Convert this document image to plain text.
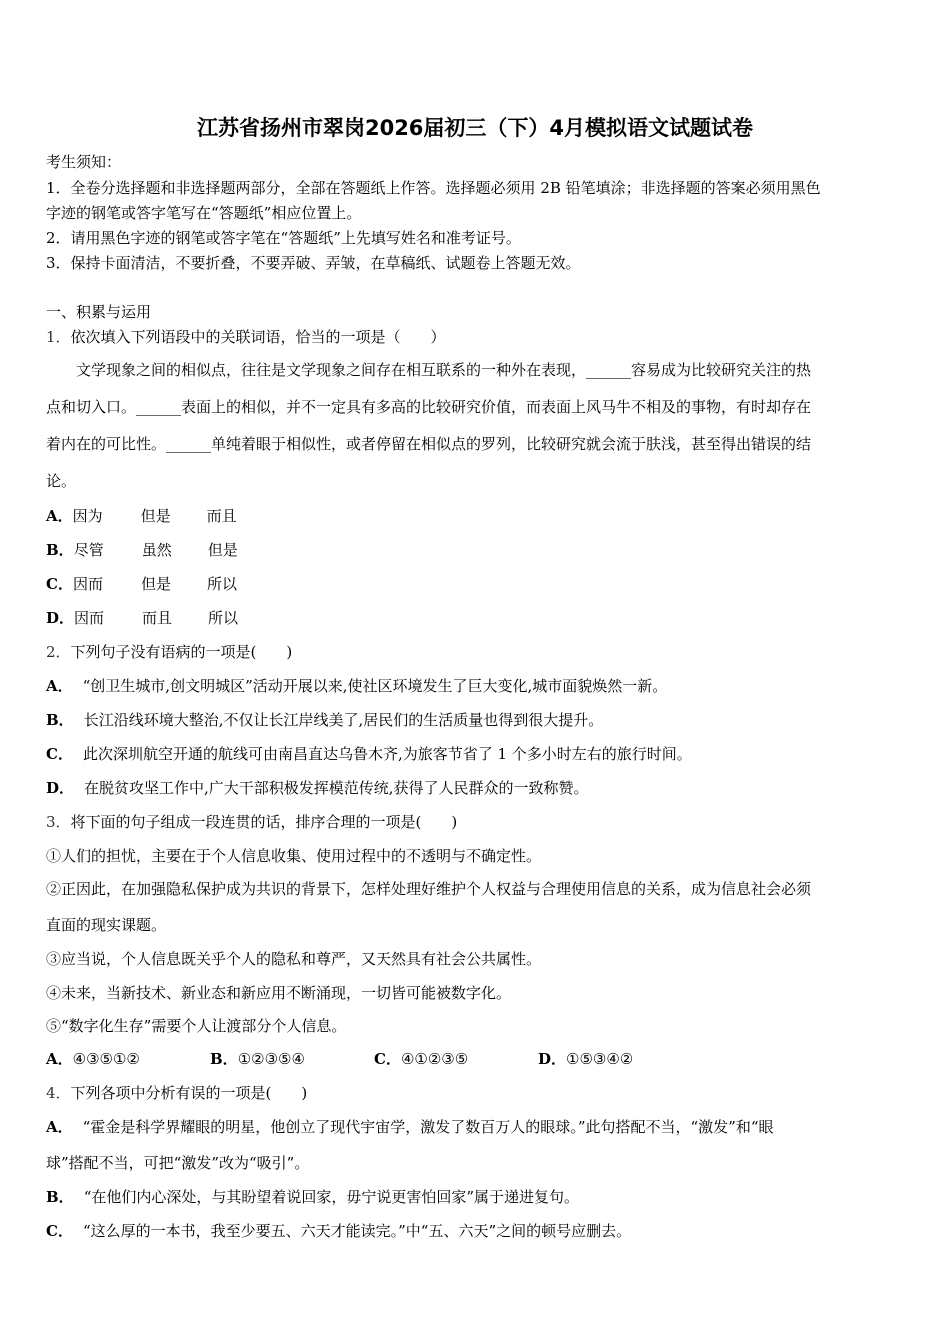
江苏省扬州市翠岗2026届初三（下）4月模拟语文试题试卷
考生须知：
1．全卷分选择题和非选择题两部分，全部在答题纸上作答。选择题必须用 2B 铅笔填涂；非选择题的答案必须用黑色
字迹的钢笔或答字笔写在“答题纸”相应位置上。
2．请用黑色字迹的钢笔或答字笔在“答题纸”上先填写姓名和准考证号。
3．保持卡面清洁，不要折叠，不要弄破、弄皱，在草稿纸、试题卷上答题无效。
一、积累与运用
1．依次填入下列语段中的关联词语，恰当的一项是（　　）
　　文学现象之间的相似点，往往是文学现象之间存在相互联系的一种外在表现，______容易成为比较研究关注的热
点和切入口。______表面上的相似，并不一定具有多高的比较研究价值，而表面上风马牛不相及的事物，有时却存在
着内在的可比性。______单纯着眼于相似性，或者停留在相似点的罗列，比较研究就会流于肤浅，甚至得出错误的结
论。
A．因为	但是 而且
B．尽管	虽然 但是
C．因而	但是 所以
D．因而	而且 所以
2．下列句子没有语病的一项是(　　)
A． “创卫生城市,创文明城区”活动开展以来,使社区环境发生了巨大变化,城市面貌焕然一新。
B． 长江沿线环境大整治,不仅让长江岸线美了,居民们的生活质量也得到很大提升。
C． 此次深圳航空开通的航线可由南昌直达乌鲁木齐,为旅客节省了 1 个多小时左右的旅行时间。
D． 在脱贫攻坚工作中,广大干部积极发挥模范传统,获得了人民群众的一致称赞。
3．将下面的句子组成一段连贯的话，排序合理的一项是(　　)
①人们的担忧，主要在于个人信息收集、使用过程中的不透明与不确定性。
②正因此，在加强隐私保护成为共识的背景下，怎样处理好维护个人权益与合理使用信息的关系，成为信息社会必须
直面的现实课题。
③应当说，个人信息既关乎个人的隐私和尊严，又天然具有社会公共属性。
④未来，当新技术、新业态和新应用不断涌现，一切皆可能被数字化。
⑤“数字化生存”需要个人让渡部分个人信息。
A．④③⑤①②	B．①②③⑤④	C．④①②③⑤	D．①⑤③④②
4．下列各项中分析有误的一项是(　　)
A． “霍金是科学界耀眼的明星，他创立了现代宇宙学，激发了数百万人的眼球。”此句搭配不当，“激发”和“眼
球”搭配不当，可把“激发”改为“吸引”。
B． “在他们内心深处，与其盼望着说回家，毋宁说更害怕回家”属于递进复句。
C． “这么厚的一本书，我至少要五、六天才能读完。”中“五、六天”之间的顿号应删去。
